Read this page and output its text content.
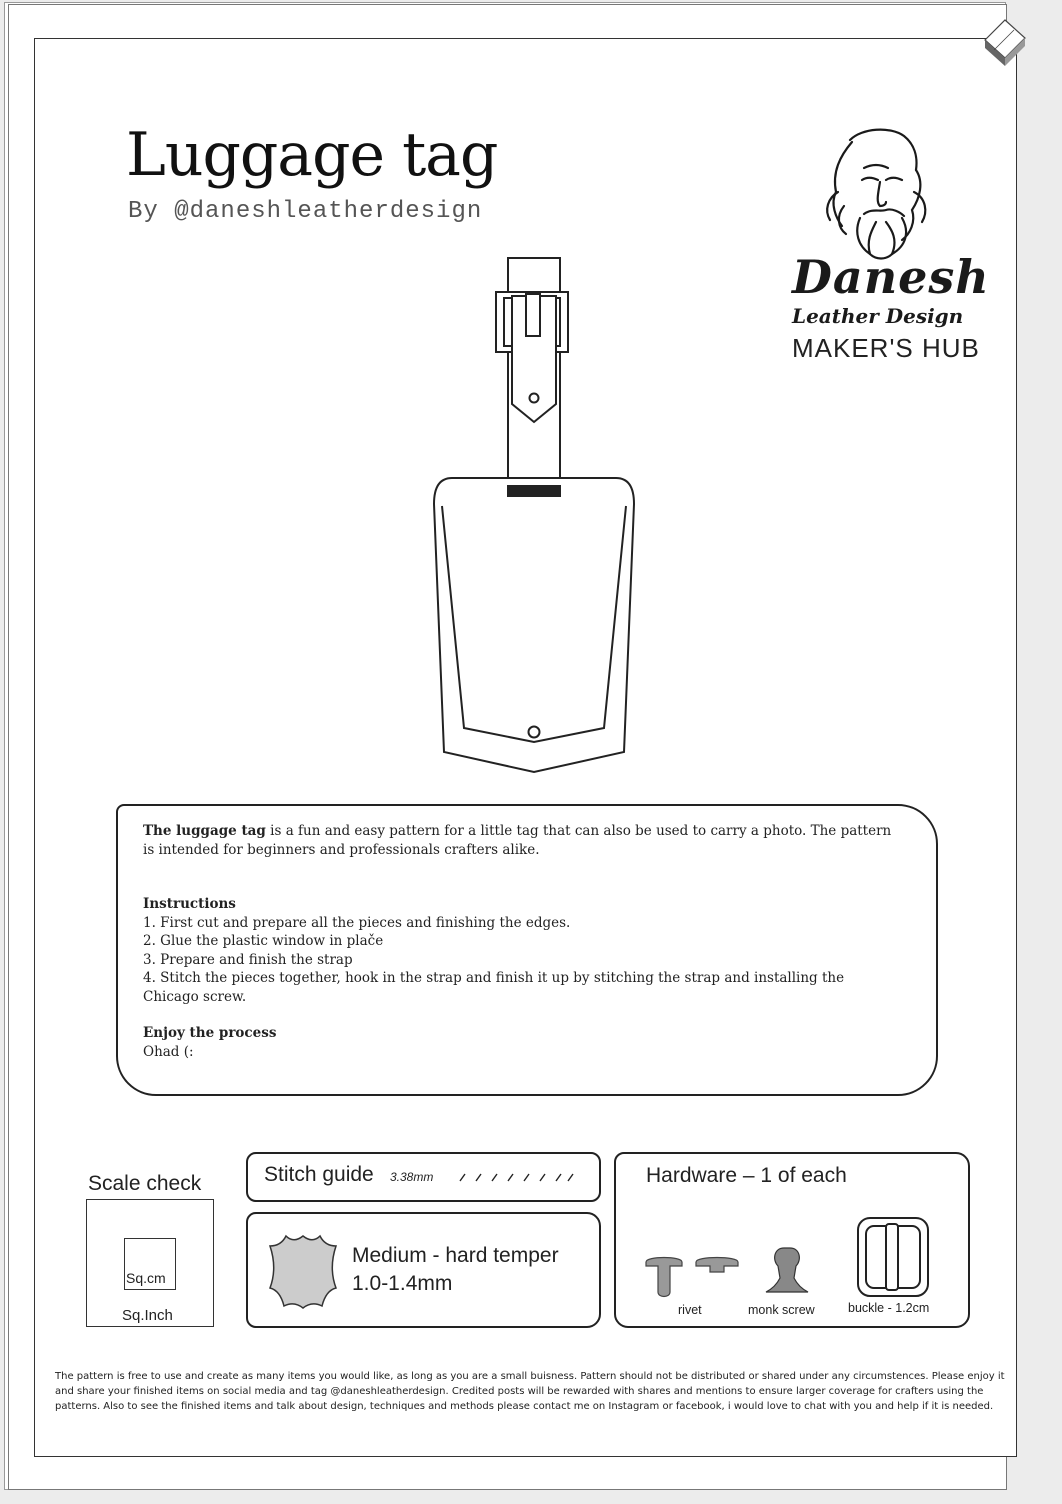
Luggage tag
By @daneshleatherdesign
Danesh
Leather Design
MAKER'S HUB

The luggage tag is a fun and easy pattern for a little tag that can also be used to carry a photo. The pattern is intended for beginners and professionals crafters alike.

Instructions

1. First cut and prepare all the pieces and finishing the edges.

2. Glue the plastic window in plače

3. Prepare and finish the strap

4. Stitch the pieces together, hook in the strap and finish it up by stitching the strap and installing the Chicago screw.

Enjoy the process

Ohad (:

Scale check
Sq.cm
Sq.Inch
Stitch guide 3.38mm
Medium - hard temper
1.0-1.4mm
Hardware ‒ 1 of each
rivet	monk screw	buckle - 1.2cm
The pattern is free to use and create as many items you would like, as long as you are a small buisness. Pattern should not be distributed or shared under any circumstences. Please enjoy it and share your finished items on social media and tag @daneshleatherdesign. Credited posts will be rewarded with shares and mentions to ensure larger coverage for crafters using the patterns. Also to see the finished items and talk about design, techniques and methods please contact me on Instagram or facebook, i would love to chat with you and help if it is needed.
